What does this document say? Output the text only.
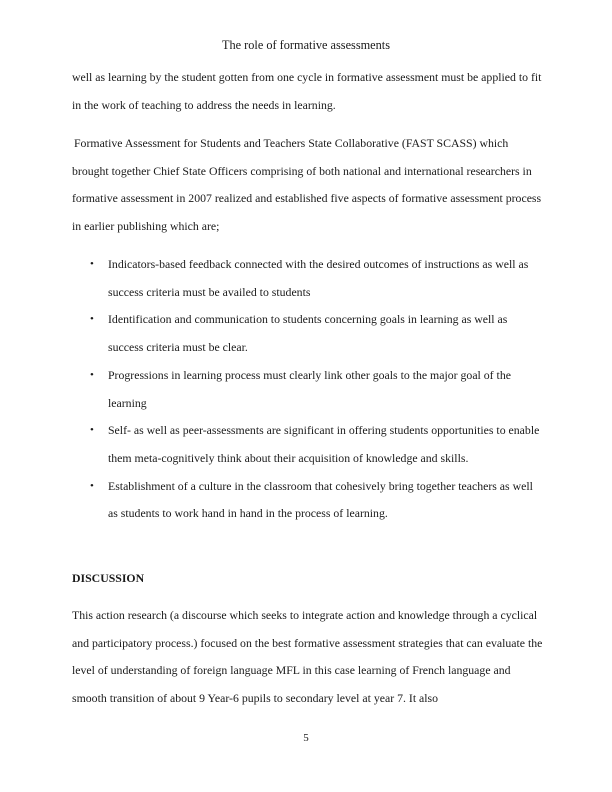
The role of formative assessments
well as learning by the student gotten from one cycle in formative assessment must be applied to fit in the work of teaching to address the needs in learning.
Formative Assessment for Students and Teachers State Collaborative (FAST SCASS) which brought together Chief State Officers comprising of both national and international researchers in formative assessment in 2007 realized and established five aspects of formative assessment process in earlier publishing which are;
• Indicators-based feedback connected with the desired outcomes of instructions as well as success criteria must be availed to students
• Identification and communication to students concerning goals in learning as well as success criteria must be clear.
• Progressions in learning process must clearly link other goals to the major goal of the learning
• Self- as well as peer-assessments are significant in offering students opportunities to enable them meta-cognitively think about their acquisition of knowledge and skills.
• Establishment of a culture in the classroom that cohesively bring together teachers as well as students to work hand in hand in the process of learning.
DISCUSSION
This action research (a discourse which seeks to integrate action and knowledge through a cyclical and participatory process.) focused on the best formative assessment strategies that can evaluate the level of understanding of foreign language MFL in this case learning of French language and smooth transition of about 9 Year-6 pupils to secondary level at year 7. It also
5
